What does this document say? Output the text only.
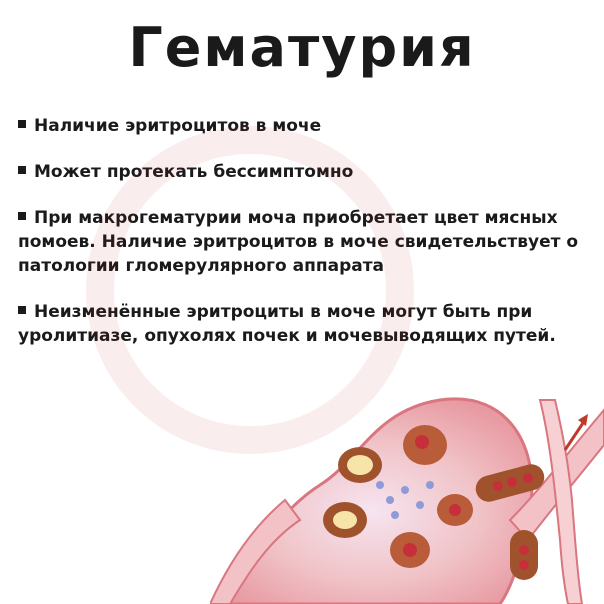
Гематурия
Наличие эритроцитов в моче
Может протекать бессимптомно
При макрогематурии моча приобретает цвет мясных помоев. Наличие эритроцитов в моче свидетельствует о патологии гломерулярного аппарата
Неизменённые эритроциты в моче могут быть при уролитиазе, опухолях почек и мочевыводящих путей.
